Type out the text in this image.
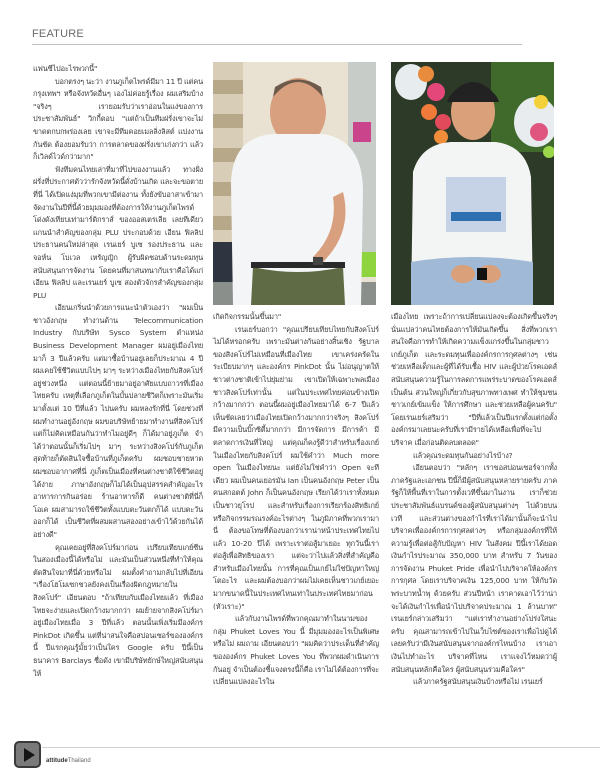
FEATURE

แฟนซีไปอะไรพวกนี้"

บอกตรงๆ นะว่า งานภูเก็ตไพรด์มีมา 11 ปี แต่คนกรุงเทพฯ หรือจังหวัดอื่นๆ เองไม่ค่อยรู้เรื่อง ผมเสริมบ้าง "จริงๆ เรายอมรับว่าเราอ่อนในแง่ของการประชาสัมพันธ์" วิกกี้ตอบ "แต่ถ้าเป็นทีมฝรั่งเขาจะไม่ขาดตกบกพร่องเลย เขาจะมีทีมคอยเมลลิ่งลิสต์ แบ่งงานกันชัด ต้องยอมรับว่า การตลาดของฝรั่งเขาเก่งกว่า แล้วก็เวิลด์ไวด์กว่ามาก"

ฟังทีมคนไทยเล่าที่มาที่ไปของงานแล้ว ทางฝั่งฝรั่งที่ประกาศตัวว่ารักจังหวัดนี้ดั่งบ้านเกิด และจะขอตายที่นี่ ได้เปิดแง่มุมที่พวกเขามีต่องาน ทั้งยังขับอาสาเข้ามาจัดงานในปีที่นี้ด้วยมุมมองที่ต้องการให้งานภูเก็ตไพรด์โด่งดังเทียบเท่ามาร์ดิกราส์ ของออสเตรเลีย เลยทีเดียว แกนนำสำคัญของกลุ่ม PLU ประกอบด้วย เอียน ฟิลลิป ประธานคนใหม่ล่าสุด เรนเยร์ บูเซ รองประธาน และ จอห์น โบเวล เหรัญญิก ผู้รับผิดชอบด้านระดมทุนสนับสนุนการจัดงาน โดยคนที่มาสนทนากับเราคือได้แก่ เอียน ฟิลลิป และเรนเยร์ บูเซ สองตัวจักรสำคัญของกลุ่ม PLU

เอียนเกริ่นนำด้วยการแนะนำตัวเองว่า "ผมเป็นชาวอังกฤษ ทำงานด้าน Telecommunication Industry กับบริษัท Sysco System ตำแหน่ง Business Development Manager ผมอยู่เมืองไทยมาก็ 3 ปีแล้วครับ แต่มาซื้อบ้านอยู่เลยก็ประมาณ 4 ปี ผมเคยใช้ชีวิตแบบไปๆ มาๆ ระหว่างเมืองไทยกับสิงคโปร์อยู่ช่วงหนึ่ง แต่ตอนนี้ย้ายมาอยู่อาศัยแบบถาวรที่เมืองไทยครับ เหตุที่เลือกภูเก็ตในบั้นปลายชีวิตก็เพราะมันเริ่มมาตั้งแต่ 10 ปีที่แล้ว ไปนครับ ผมหลงรักที่นี่ โดยช่วงที่ผมทำงานอยู่อังกฤษ ผมขอบริษัทย้ายมาทำงานที่สิงคโปร์ แต่ก็ไม่คิดเหมือนกันว่าทำไมอยู่ดีๆ ก็ได้มาอยู่ภูเก็ต จำได้ว่าตอนนั้นก็เริ่มไปๆ มาๆ ระหว่างสิงคโปร์กับภูเก็ต สุดท้ายก็ตัดสินใจซื้อบ้านที่ภูเก็ตครับ ผมชอบชายหาด ผมชอบอากาศที่นี่ ภูเก็ตเป็นเมืองที่คนต่างชาติใช้ชีวิตอยู่ได้ง่าย ภาษาอังกฤษก็ไม่ได้เป็นอุปสรรคสำคัญอะไร อาหารการกินอร่อย ร้านอาหารก็ดี คนต่างชาติที่นี่ก็โอเค ผมสามารถใช้ชีวิตทั้งแบบตะวันตกก็ได้ แบบตะวันออกก็ได้ เป็นชีวิตที่ผสมผสานสองอย่างเข้าไว้ด้วยกันได้อย่างดี"

คุณเคยอยู่ที่สิงคโปร์มาก่อน เปรียบเทียบเกย์ซีนในสองเมืองนี้ได้หรือไม่ และมันเป็นส่วนหนึ่งที่ทำให้คุณตัดสินใจมาที่นี่ด้วยหรือไม่ ผมตั้งคำถามกลับไปที่เอียน "เรื่องโฮโมเซกชวลยังคงเป็นเรื่องผิดกฎหมายในสิงคโปร์" เอียนตอบ "ถ้าเทียบกับเมืองไทยแล้ว ที่เมืองไทยจะง่ายและเปิดกว้างมากกว่า ผมย้ายจากสิงคโปร์มาอยู่เมืองไทยเมื่อ 3 ปีที่แล้ว ตอนนั้นเพิ่งเริ่มมีองค์กร PinkDot เกิดขึ้น แต่ที่น่าสนใจคือสปอนเซอร์ขององค์กรนี้ ปีแรกคุณรู้มั้ยว่าเป็นใคร Google ครับ ปีนี้เป็นธนาคาร Barclays ชื่อดัง เขามีบริษัทยักษ์ใหญ่สนับสนุนให้

เกิดกิจกรรมนั้นขึ้นมา"

เรนเยร์บอกว่า "คุณเปรียบเทียบไทยกับสิงคโปร์ไม่ได้หรอกครับ เพราะมันต่างกันอย่างสิ้นเชิง รัฐบาลของสิงคโปร์ไม่เหมือนที่เมืองไทย เขาเคร่งครัดในระเบียบมากๆ และองค์กร PinkDot นั้น ไม่อนุญาตให้ชาวต่างชาติเข้าไปยุ่มย่าม เขาเปิดให้เฉพาะพลเมืองชาวสิงคโปร์เท่านั้น แต่ในประเทศไทยค่อนข้างเปิดกว้างมากกว่า ตอนนี้ผมอยู่เมืองไทยมาได้ 6-7 ปีแล้ว เห็นชัดเลยว่าเมืองไทยเปิดกว้างมากกว่าจริงๆ สิงคโปร์มีความเป็นบิ๊กซิตี้มากกว่า มีการจัดการ มีการค้า มีตลาดการเงินที่ใหญ่ แต่คุณก็คงรู้ดีว่าสำหรับเรื่องเกย์ในเมืองไทยกับสิงคโปร์ ผมใช้คำว่า Much more open ในเมืองไทยนะ แต่ยังไม่ใช่คำว่า Open จะทีเดียว ผมเป็นคนเยอรมัน Ian เป็นคนอังกฤษ Peter เป็นคนสกอตต์ John ก็เป็นคนอังกฤษ เรียกได้ว่าเราทั้งหมดเป็นชาวยุโรป และสำหรับเรื่องการเรียกร้องสิทธิเกย์หรือกิจกรรมรณรงค์อะไรต่างๆ ในภูมิภาคที่พวกเรามานี่ ต้องขอโทษที่ต้องบอกว่าเราน่าหน้าประเทศไทยไปแล้ว 10-20 ปีได้ เพราะเราต่อสู้มาเยอะ ทุกวันนี้เราต่อสู้เพื่อสิทธิของเรา แต่จะว่าไปแล้วสิ่งที่สำคัญคือสำหรับเมืองไทยนั้น การที่คุณเป็นเกย์ไม่ใช่ปัญหาใหญ่โตอะไร และผมต้องบอกว่าผมไม่เคยเห็นชาวเกย์เยอะมากขนาดนี้ในประเทศไหนเท่าในประเทศไทยมาก่อน (หัวเราะ)"

แล้วกับงานไพรด์ที่พวกคุณมาทำในนามของกลุ่ม Phuket Loves You นี้ มีมุมมองอะไรเป็นพิเศษหรือไม่ ผมถาม เอียนตอบว่า "ผมคิดว่าประเด็นที่สำคัญขององค์กร Phuket Loves You ที่พวกผมดำเนินการกันอยู่ จำเป็นต้องชี้แจงตรงนี้ก็คือ เราไม่ได้ต้องการที่จะเปลี่ยนแปลงอะไรใน

เมืองไทย เพราะถ้าการเปลี่ยนแปลงจะต้องเกิดขึ้นจริงๆ นั่นแปลว่าคนไทยต้องการให้มันเกิดขึ้น สิ่งที่พวกเราสนใจคือการทำให้เกิดความแข็งแกร่งขึ้นในกลุ่มชาวเกย์ภูเก็ต และระดมทุนเพื่อองค์กรการกุศลต่างๆ เช่น ช่วยเหลือเด็กและผู้ที่ได้รับเชื้อ HIV และผู้ป่วยโรคเอดส์ สนับสนุนความรู้ในการลดการแพร่ระบาดของโรคเอดส์ เป็นต้น ส่วนใหญ่ก็เกี่ยวกับสุขภาพทางเพศ ทำให้ชุมชนชาวเกย์เข้มแข็ง ให้การศึกษา และช่วยเหลือผู้คนครับ" โดยเรนเยร์เสริมว่า "ปีที่แล้วเป็นปีแรกตั้งแต่ก่อตั้งองค์กรมาเลยนะครับที่เรามีรายได้เหลือเพื่อที่จะไปบริจาค เมื่อก่อนติดลบตลอด"

แล้วคุณระดมทุนกันอย่างไรบ้าง?

เอียนตอบว่า "หลักๆ เราขอสปอนเซอร์จากทั้งภาครัฐและเอกชน ปีนี้ก็มีผู้สนับสนุนหลายรายครับ ภาครัฐก็ให้พื้นที่เราในการตั้งเวทีขึ้นมาในงาน เราก็ช่วยประชาสัมพันธ์แบรนด์ของผู้สนับสนุนต่างๆ ไปด้วยบนเวที และส่วนต่างของกำไรที่เราได้มานั้นก็จะนำไปบริจาคเพื่อองค์กรการกุศลต่างๆ หรือกลุ่มองค์กรที่ให้ความรู้เพื่อต่อสู้กับปัญหา HIV ในสังคม ปีนี้เราได้ยอดเงินกำไรประมาณ 350,000 บาท สำหรับ 7 วันของการจัดงาน Phuket Pride เพื่อนำไปบริจาคให้องค์กรการกุศล โดยเราบริจาคเงิน 125,000 บาท ให้กับวัดพระบาทน้ำพุ ด้วยครับ ส่วนปีหน้า เราคาดเอาไว้ว่าน่าจะได้เงินกำไรเพื่อนำไปบริจาคประมาณ 1 ล้านบาท" เรนเยร์กล่าวเสริมว่า "แต่เราทำงานอย่างโปร่งใสนะครับ คุณสามารถเข้าไปในเว็บไซต์ของเราเพื่อไปดูได้เลยครับว่ามีเงินสนับสนุนจากองค์กรไหนบ้าง เราเอาเงินไปทำอะไร บริจาคที่ไหน เราแจงไว้หมดว่าผู้สนับสนุนหลักคือใคร ผู้สนับสนุนร่วมคือใคร"

แล้วภาครัฐสนับสนุนเงินบ้างหรือไม่ เรนเยร์

attitudeThailand
